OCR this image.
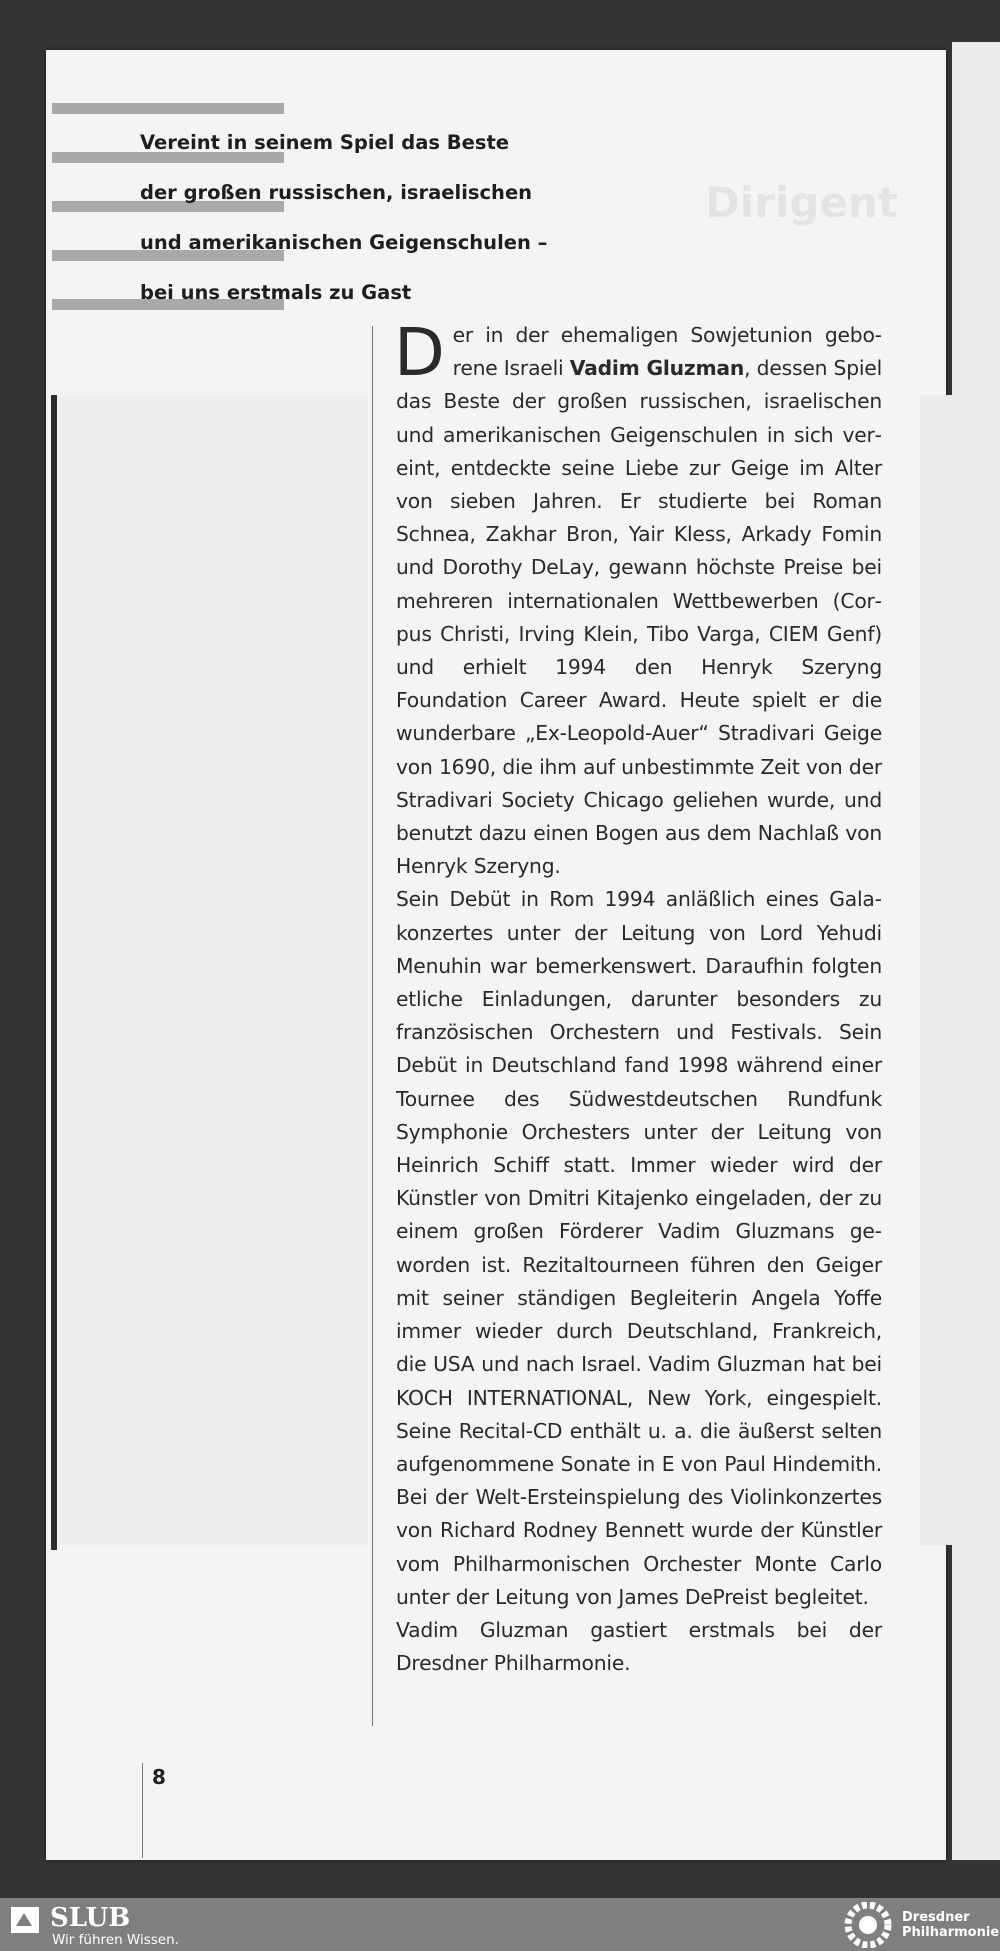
Dirigent
Vereint in seinem Spiel das Beste
der großen russischen, israelischen
und amerikanischen Geigenschulen –
bei uns erstmals zu Gast

Der in der ehemaligen Sowjetunion geborene Israeli Vadim Gluzman, dessen Spiel das Beste der großen russischen, israelischen und amerikanischen Geigenschulen in sich vereint, entdeckte seine Liebe zur Geige im Alter von sieben Jahren. Er studierte bei Roman Schnea, Zakhar Bron, Yair Kless, Arkady Fomin und Dorothy DeLay, gewann höchste Preise bei mehreren internationalen Wettbewerben (Corpus Christi, Irving Klein, Tibo Varga, CIEM Genf) und erhielt 1994 den Henryk Szeryng Foundation Career Award. Heute spielt er die wunderbare „Ex-Leopold-Auer“ Stradivari Geige von 1690, die ihm auf unbestimmte Zeit von der Stradivari Society Chicago geliehen wurde, und benutzt dazu einen Bogen aus dem Nachlaß von Henryk Szeryng.

Sein Debüt in Rom 1994 anläßlich eines Galakonzertes unter der Leitung von Lord Yehudi Menuhin war bemerkenswert. Daraufhin folgten etliche Einladungen, darunter besonders zu französischen Orchestern und Festivals. Sein Debüt in Deutschland fand 1998 während einer Tournee des Südwestdeutschen Rundfunk Symphonie Orchesters unter der Leitung von Heinrich Schiff statt. Immer wieder wird der Künstler von Dmitri Kitajenko eingeladen, der zu einem großen Förderer Vadim Gluzmans geworden ist. Rezitaltourneen führen den Geiger mit seiner ständigen Begleiterin Angela Yoffe immer wieder durch Deutschland, Frankreich, die USA und nach Israel. Vadim Gluzman hat bei KOCH INTERNATIONAL, New York, eingespielt. Seine Recital-CD enthält u. a. die äußerst selten aufgenommene Sonate in E von Paul Hindemith. Bei der Welt-Ersteinspielung des Violinkonzertes von Richard Rodney Bennett wurde der Künstler vom Philharmonischen Orchester Monte Carlo unter der Leitung von James DePreist begleitet.

Vadim Gluzman gastiert erstmals bei der Dresdner Philharmonie.

8
SLUB
Wir führen Wissen.
Dresdner
Philharmonie
